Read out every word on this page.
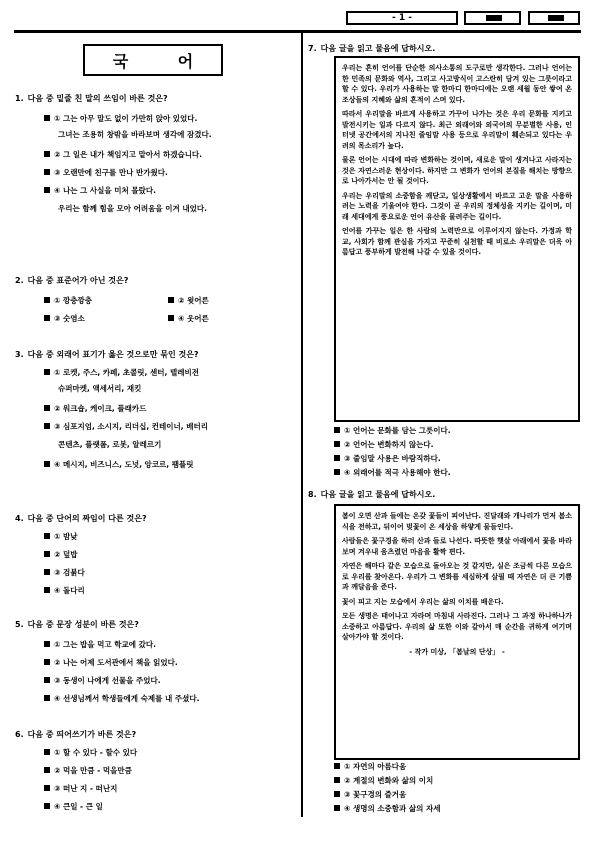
- 1 -
국 어
1. 다음 중 밑줄 친 말의 쓰임이 바른 것은?
① 그는 아무 말도 없이 가만히 앉아 있었다.
그녀는 조용히 창밖을 바라보며 생각에 잠겼다.
② 그 일은 내가 책임지고 맡아서 하겠습니다.
③ 오랜만에 친구를 만나 반가웠다.
④ 나는 그 사실을 미처 몰랐다.
우리는 함께 힘을 모아 어려움을 이겨 내었다.
2. 다음 중 표준어가 아닌 것은?
① 깡충깡충	② 윗어른
③ 숫염소	④ 웃어른
3. 다음 중 외래어 표기가 옳은 것으로만 묶인 것은?
① 로켓, 주스, 카페, 초콜릿, 센터, 텔레비전
슈퍼마켓, 액세서리, 재킷
② 워크숍, 케이크, 플래카드
③ 심포지엄, 소시지, 리더십, 컨테이너, 배터리
콘텐츠, 플랫폼, 로봇, 알레르기
④ 메시지, 비즈니스, 도넛, 앙코르, 팸플릿
4. 다음 중 단어의 짜임이 다른 것은?
① 밤낮
② 덮밥
③ 검붉다
④ 돌다리
5. 다음 중 문장 성분이 바른 것은?
① 그는 밥을 먹고 학교에 갔다.
② 나는 어제 도서관에서 책을 읽었다.
③ 동생이 나에게 선물을 주었다.
④ 선생님께서 학생들에게 숙제를 내 주셨다.
6. 다음 중 띄어쓰기가 바른 것은?
① 할 수 있다 - 할수 있다
② 먹을 만큼 - 먹을만큼
③ 떠난 지 - 떠난지
④ 큰일 - 큰 일
7. 다음 글을 읽고 물음에 답하시오.

우리는 흔히 언어를 단순한 의사소통의 도구로만 생각한다. 그러나 언어는 한 민족의 문화와 역사, 그리고 사고방식이 고스란히 담겨 있는 그릇이라고 할 수 있다. 우리가 사용하는 말 한마디 한마디에는 오랜 세월 동안 쌓여 온 조상들의 지혜와 삶의 흔적이 스며 있다.

따라서 우리말을 바르게 사용하고 가꾸어 나가는 것은 우리 문화를 지키고 발전시키는 일과 다르지 않다. 최근 외래어와 외국어의 무분별한 사용, 인터넷 공간에서의 지나친 줄임말 사용 등으로 우리말이 훼손되고 있다는 우려의 목소리가 높다.

물론 언어는 시대에 따라 변화하는 것이며, 새로운 말이 생겨나고 사라지는 것은 자연스러운 현상이다. 하지만 그 변화가 언어의 본질을 해치는 방향으로 나아가서는 안 될 것이다.

우리는 우리말의 소중함을 깨닫고, 일상생활에서 바르고 고운 말을 사용하려는 노력을 기울여야 한다. 그것이 곧 우리의 정체성을 지키는 길이며, 미래 세대에게 풍요로운 언어 유산을 물려주는 길이다.

언어를 가꾸는 일은 한 사람의 노력만으로 이루어지지 않는다. 가정과 학교, 사회가 함께 관심을 가지고 꾸준히 실천할 때 비로소 우리말은 더욱 아름답고 풍부하게 발전해 나갈 수 있을 것이다.

① 언어는 문화를 담는 그릇이다.
② 언어는 변화하지 않는다.
③ 줄임말 사용은 바람직하다.
④ 외래어를 적극 사용해야 한다.
8. 다음 글을 읽고 물음에 답하시오.

봄이 오면 산과 들에는 온갖 꽃들이 피어난다. 진달래와 개나리가 먼저 봄소식을 전하고, 뒤이어 벚꽃이 온 세상을 하얗게 물들인다.

사람들은 꽃구경을 하러 산과 들로 나선다. 따뜻한 햇살 아래에서 꽃을 바라보며 겨우내 움츠렸던 마음을 활짝 편다.

자연은 해마다 같은 모습으로 돌아오는 것 같지만, 실은 조금씩 다른 모습으로 우리를 찾아온다. 우리가 그 변화를 세심하게 살필 때 자연은 더 큰 기쁨과 깨달음을 준다.

꽃이 피고 지는 모습에서 우리는 삶의 이치를 배운다.

모든 생명은 태어나고 자라며 마침내 사라진다. 그러나 그 과정 하나하나가 소중하고 아름답다. 우리의 삶 또한 이와 같아서 매 순간을 귀하게 여기며 살아가야 할 것이다.

- 작가 미상, 「봄날의 단상」 -

① 자연의 아름다움
② 계절의 변화와 삶의 이치
③ 꽃구경의 즐거움
④ 생명의 소중함과 삶의 자세
